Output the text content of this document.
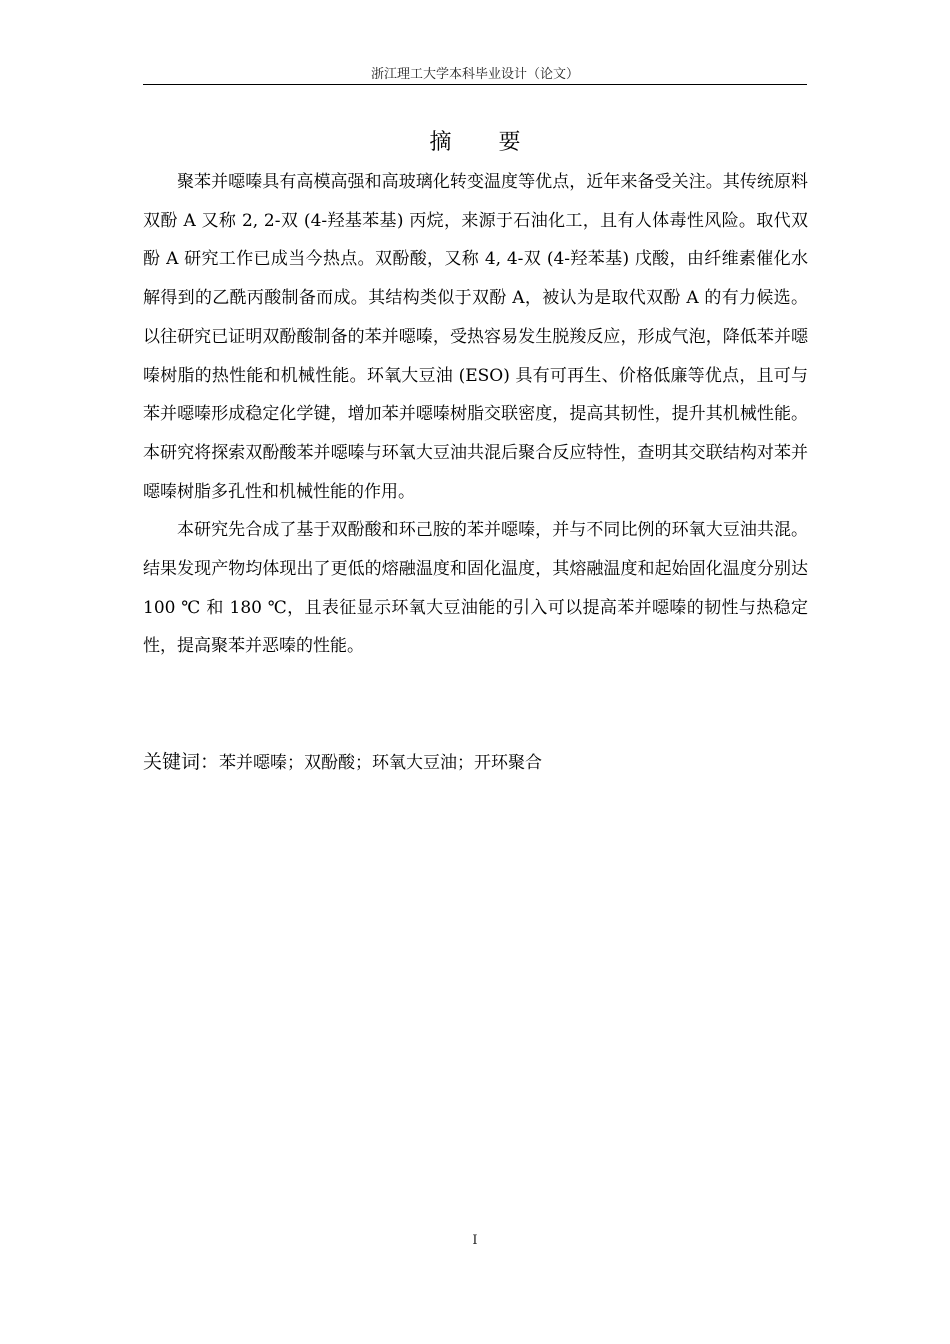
浙江理工大学本科毕业设计（论文）
摘 要

聚苯并噁嗪具有高模高强和高玻璃化转变温度等优点，近年来备受关注。其传统原料双酚 A 又称 2, 2-双 (4-羟基苯基) 丙烷，来源于石油化工，且有人体毒性风险。取代双酚 A 研究工作已成当今热点。双酚酸，又称 4, 4-双 (4-羟苯基) 戊酸，由纤维素催化水解得到的乙酰丙酸制备而成。其结构类似于双酚 A，被认为是取代双酚 A 的有力候选。以往研究已证明双酚酸制备的苯并噁嗪，受热容易发生脱羧反应，形成气泡，降低苯并噁嗪树脂的热性能和机械性能。环氧大豆油 (ESO) 具有可再生、价格低廉等优点，且可与苯并噁嗪形成稳定化学键，增加苯并噁嗪树脂交联密度，提高其韧性，提升其机械性能。本研究将探索双酚酸苯并噁嗪与环氧大豆油共混后聚合反应特性，查明其交联结构对苯并噁嗪树脂多孔性和机械性能的作用。

本研究先合成了基于双酚酸和环己胺的苯并噁嗪，并与不同比例的环氧大豆油共混。结果发现产物均体现出了更低的熔融温度和固化温度，其熔融温度和起始固化温度分别达 100 ℃ 和 180 ℃，且表征显示环氧大豆油能的引入可以提高苯并噁嗪的韧性与热稳定性，提高聚苯并恶嗪的性能。

关键词：苯并噁嗪；双酚酸；环氧大豆油；开环聚合
I
